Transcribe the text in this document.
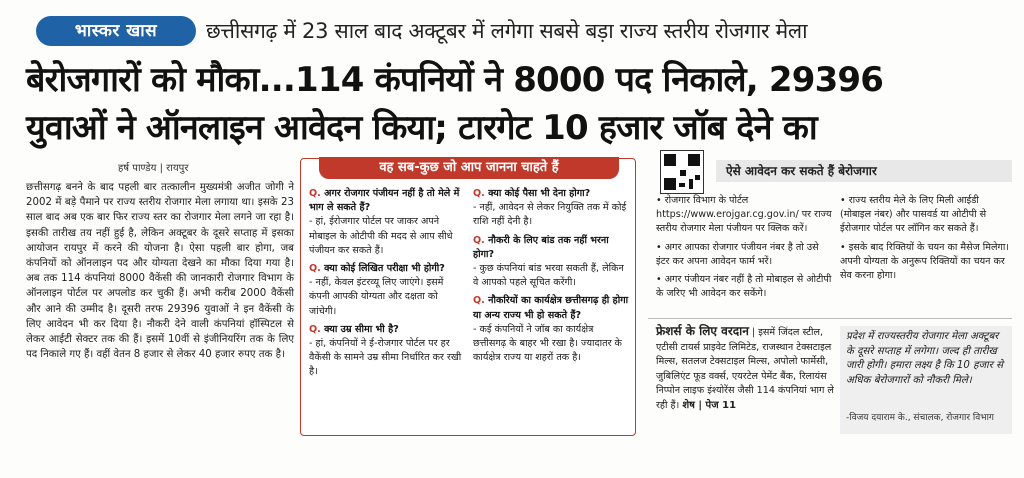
भास्कर खास	छत्तीसगढ़ में 23 साल बाद अक्टूबर में लगेगा सबसे बड़ा राज्य स्तरीय रोजगार मेला
बेरोजगारों को मौका...114 कंपनियों ने 8000 पद निकाले, 29396
युवाओं ने ऑनलाइन आवेदन किया; टारगेट 10 हजार जॉब देने का
हर्ष पाण्डेय | रायपुर
छत्तीसगढ़ बनने के बाद पहली बार तत्कालीन मुख्यमंत्री अजीत जोगी ने 2002 में बड़े पैमाने पर राज्य स्तरीय रोजगार मेला लगाया था। इसके 23 साल बाद अब एक बार फिर राज्य स्तर का रोजगार मेला लगने जा रहा है। इसकी तारीख तय नहीं हुई है, लेकिन अक्टूबर के दूसरे सप्ताह में इसका आयोजन रायपुर में करने की योजना है। ऐसा पहली बार होगा, जब कंपनियों को ऑनलाइन पद और योग्यता देखने का मौका दिया गया है। अब तक 114 कंपनियां 8000 वैकेंसी की जानकारी रोजगार विभाग के ऑनलाइन पोर्टल पर अपलोड कर चुकी हैं। अभी करीब 2000 वैकेंसी और आने की उम्मीद है। दूसरी तरफ 29396 युवाओं ने इन वैकेंसी के लिए आवेदन भी कर दिया है। नौकरी देने वाली कंपनियां हॉस्पिटल से लेकर आईटी सेक्टर तक की हैं। इसमें 10वीं से इंजीनियरिंग तक के लिए पद निकाले गए हैं। वहीं वेतन 8 हजार से लेकर 40 हजार रुपए तक है।
वह सब-कुछ जो आप जानना चाहते हैं
Q. अगर रोजगार पंजीयन नहीं है तो मेले में भाग ले सकते हैं?
- हां, ईरोजगार पोर्टल पर जाकर अपने मोबाइल के ओटीपी की मदद से आप सीधे पंजीयन कर सकते हैं।
Q. क्या कोई लिखित परीक्षा भी होगी?
- नहीं, केवल इंटरव्यू लिए जाएंगे। इसमें कंपनी आपकी योग्यता और दक्षता को जांचेगी।
Q. क्या उम्र सीमा भी है?
- हां, कंपनियों ने ई-रोजगार पोर्टल पर हर वैकेंसी के सामने उम्र सीमा निर्धारित कर रखी है।
Q. क्या कोई पैसा भी देना होगा?
- नहीं, आवेदन से लेकर नियुक्ति तक में कोई राशि नहीं देनी है।
Q. नौकरी के लिए बांड तक नहीं भरना होगा?
- कुछ कंपनियां बांड भरवा सकती हैं, लेकिन वे आपको पहले सूचित करेंगी।
Q. नौकरियों का कार्यक्षेत्र छत्तीसगढ़ ही होगा या अन्य राज्य भी हो सकते हैं?
- कई कंपनियों ने जॉब का कार्यक्षेत्र छत्तीसगढ़ के बाहर भी रखा है। ज्यादातर के कार्यक्षेत्र राज्य या शहरों तक है।
ऐसे आवेदन कर सकते हैं बेरोजगार

• रोजगार विभाग के पोर्टल https://www.erojgar.cg.gov.in/ पर राज्य स्तरीय रोजगार मेला पंजीयन पर क्लिक करें।

• अगर आपका रोजगार पंजीयन नंबर है तो उसे इंटर कर अपना आवेदन फार्म भरें।

• अगर पंजीयन नंबर नहीं है तो मोबाइल से ओटीपी के जरिए भी आवेदन कर सकेंगे।

• राज्य स्तरीय मेले के लिए मिली आईडी (मोबाइल नंबर) और पासवर्ड या ओटीपी से ईरोजगार पोर्टल पर लॉगिन कर सकते हैं।

• इसके बाद रिक्तियों के चयन का मैसेज मिलेगा। अपनी योग्यता के अनुरूप रिक्तियों का चयन कर सेव करना होगा।

फ्रेशर्स के लिए वरदान | इसमें जिंदल स्टील, एटीसी टायर्स प्राइवेट लिमिटेड, राजस्थान टेक्सटाइल मिल्स, सतलज टेक्सटाइल मिल्स, अपोलो फार्मेसी, जुबिलिएंट फूड वर्क्स, एयरटेल पेमेंट बैंक, रिलायंस निप्पोन लाइफ इंश्योरेंस जैसी 114 कंपनियां भाग ले रही हैं। शेष | पेज 11
प्रदेश में राज्यस्तरीय रोजगार मेला अक्टूबर के दूसरे सप्ताह में लगेगा। जल्द ही तारीख जारी होगी। हमारा लक्ष्य है कि 10 हजार से अधिक बेरोजगारों को नौकरी मिले।
-विजय दयाराम के., संचालक, रोजगार विभाग
